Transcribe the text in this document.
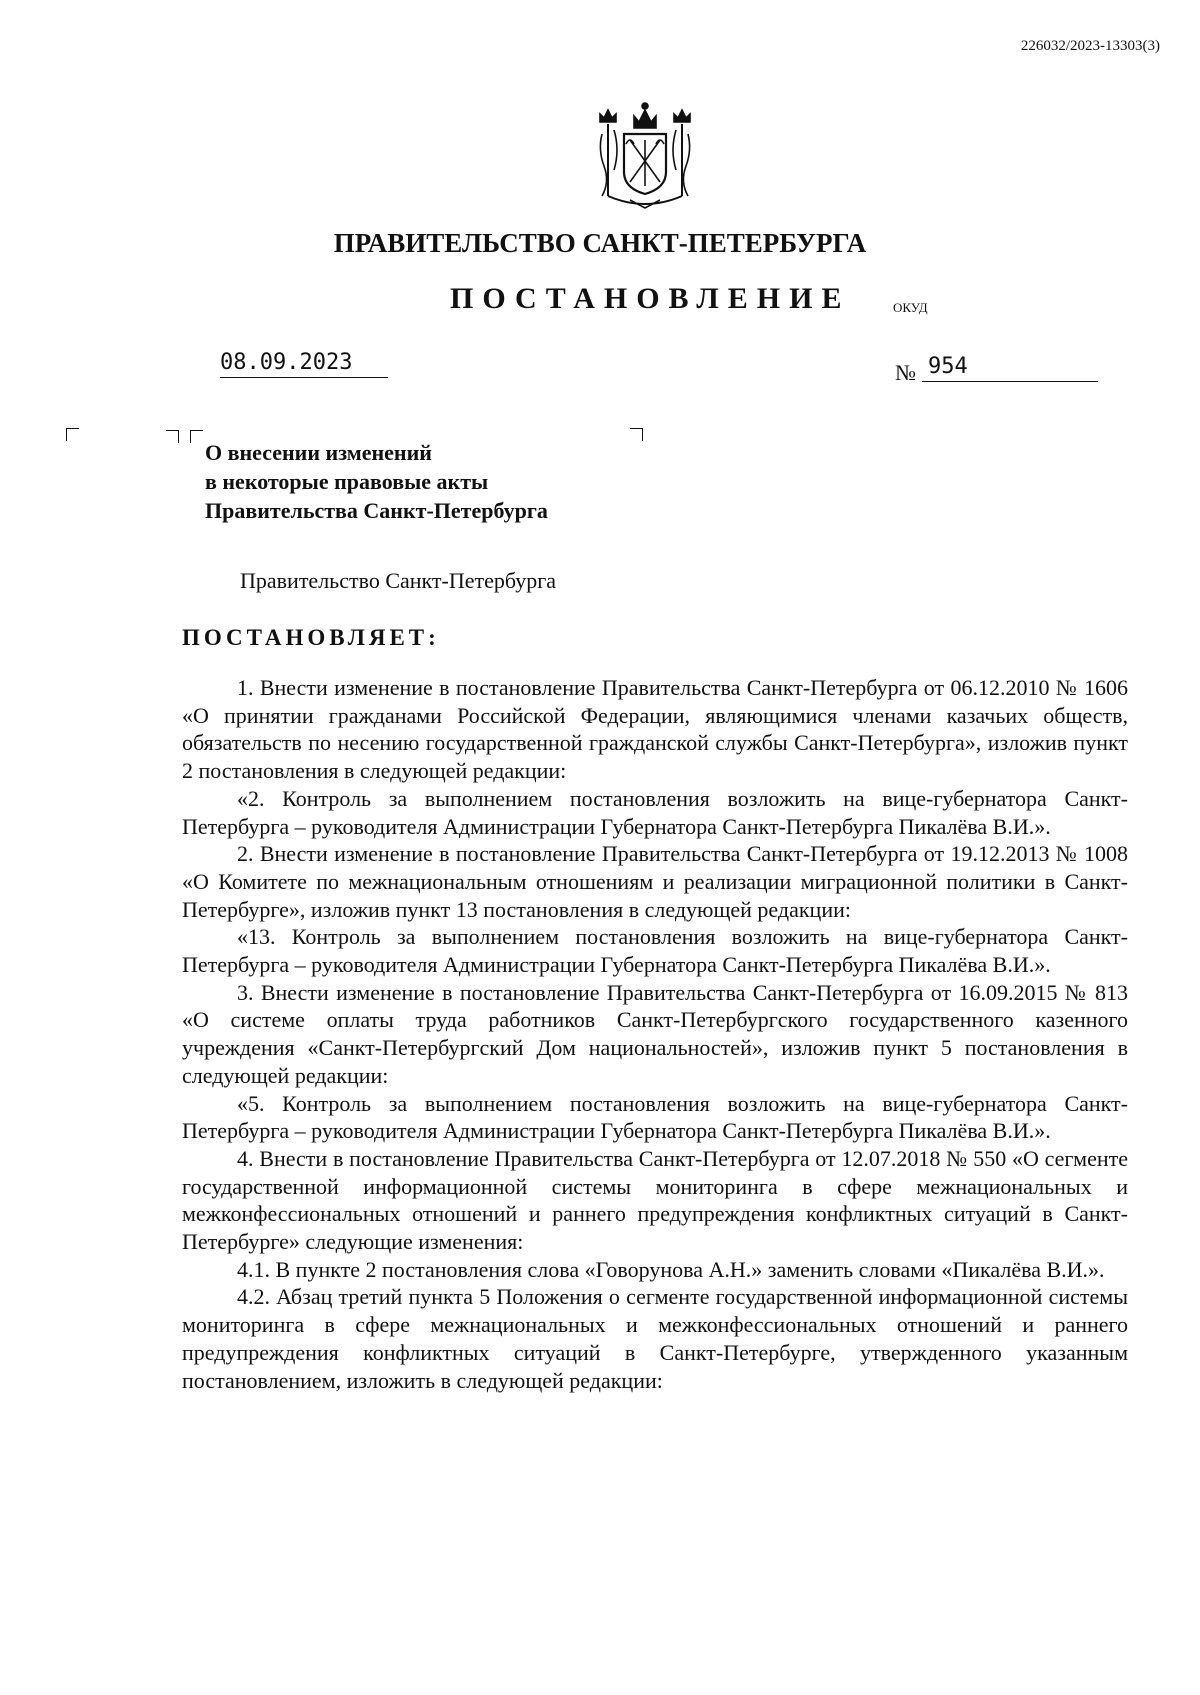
226032/2023-13303(3)
ПРАВИТЕЛЬСТВО САНКТ-ПЕТЕРБУРГА
ПОСТАНОВЛЕНИЕ	ОКУД
08.09.2023	№ 954
О внесении изменений
в некоторые правовые акты
Правительства Санкт-Петербурга
Правительство Санкт-Петербурга
ПОСТАНОВЛЯЕТ:

1. Внести изменение в постановление Правительства Санкт-Петербурга от 06.12.2010 № 1606 «О принятии гражданами Российской Федерации, являющимися членами казачьих обществ, обязательств по несению государственной гражданской службы Санкт-Петербурга», изложив пункт 2 постановления в следующей редакции:

«2. Контроль за выполнением постановления возложить на вице-губернатора Санкт-Петербурга – руководителя Администрации Губернатора Санкт-Петербурга Пикалёва В.И.».

2. Внести изменение в постановление Правительства Санкт-Петербурга от 19.12.2013 № 1008 «О Комитете по межнациональным отношениям и реализации миграционной политики в Санкт-Петербурге», изложив пункт 13 постановления в следующей редакции:

«13. Контроль за выполнением постановления возложить на вице-губернатора Санкт-Петербурга – руководителя Администрации Губернатора Санкт-Петербурга Пикалёва В.И.».

3. Внести изменение в постановление Правительства Санкт-Петербурга от 16.09.2015 № 813 «О системе оплаты труда работников Санкт-Петербургского государственного казенного учреждения «Санкт-Петербургский Дом национальностей», изложив пункт 5 постановления в следующей редакции:

«5. Контроль за выполнением постановления возложить на вице-губернатора Санкт-Петербурга – руководителя Администрации Губернатора Санкт-Петербурга Пикалёва В.И.».

4. Внести в постановление Правительства Санкт-Петербурга от 12.07.2018 № 550 «О сегменте государственной информационной системы мониторинга в сфере межнациональных и межконфессиональных отношений и раннего предупреждения конфликтных ситуаций в Санкт-Петербурге» следующие изменения:

4.1. В пункте 2 постановления слова «Говорунова А.Н.» заменить словами «Пикалёва В.И.».

4.2. Абзац третий пункта 5 Положения о сегменте государственной информационной системы мониторинга в сфере межнациональных и межконфессиональных отношений и раннего предупреждения конфликтных ситуаций в Санкт-Петербурге, утвержденного указанным постановлением, изложить в следующей редакции:
